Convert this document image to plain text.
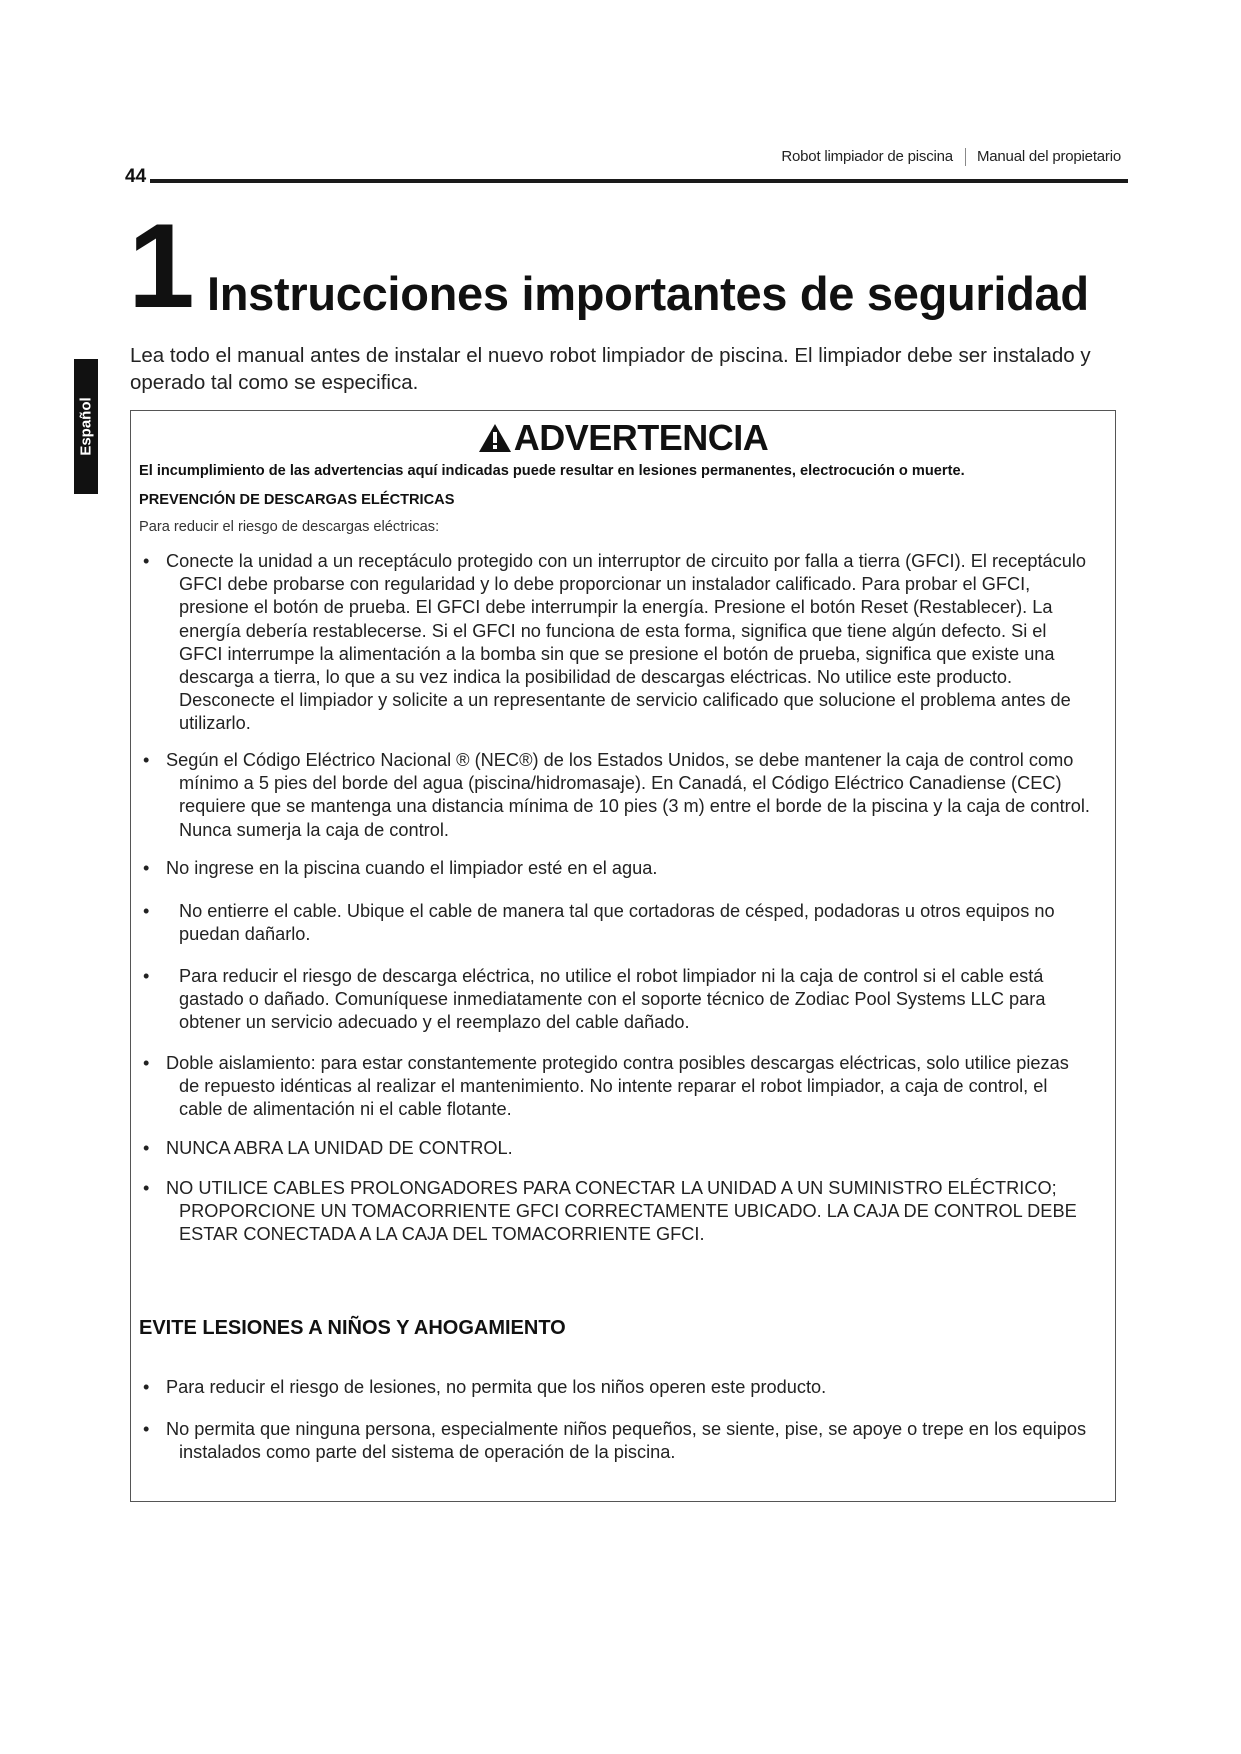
Robot limpiador de piscina Manual del propietario
44
1 Instrucciones importantes de seguridad
Español
Lea todo el manual antes de instalar el nuevo robot limpiador de piscina. El limpiador debe ser instalado y operado tal como se especifica.
ADVERTENCIA
El incumplimiento de las advertencias aquí indicadas puede resultar en lesiones permanentes, electrocución o muerte.
PREVENCIÓN DE DESCARGAS ELÉCTRICAS
Para reducir el riesgo de descargas eléctricas:
• Conecte la unidad a un receptáculo protegido con un interruptor de circuito por falla a tierra (GFCI). El receptáculo GFCI debe probarse con regularidad y lo debe proporcionar un instalador calificado. Para probar el GFCI, presione el botón de prueba. El GFCI debe interrumpir la energía. Presione el botón Reset (Restablecer). La energía debería restablecerse. Si el GFCI no funciona de esta forma, significa que tiene algún defecto. Si el GFCI interrumpe la alimentación a la bomba sin que se presione el botón de prueba, significa que existe una descarga a tierra, lo que a su vez indica la posibilidad de descargas eléctricas. No utilice este producto. Desconecte el limpiador y solicite a un representante de servicio calificado que solucione el problema antes de utilizarlo.
• Según el Código Eléctrico Nacional ® (NEC®) de los Estados Unidos, se debe mantener la caja de control como mínimo a 5 pies del borde del agua (piscina/hidromasaje). En Canadá, el Código Eléctrico Canadiense (CEC) requiere que se mantenga una distancia mínima de 10 pies (3 m) entre el borde de la piscina y la caja de control. Nunca sumerja la caja de control.
• No ingrese en la piscina cuando el limpiador esté en el agua.
•	No entierre el cable. Ubique el cable de manera tal que cortadoras de césped, podadoras u otros equipos no puedan dañarlo.
•	Para reducir el riesgo de descarga eléctrica, no utilice el robot limpiador ni la caja de control si el cable está gastado o dañado. Comuníquese inmediatamente con el soporte técnico de Zodiac Pool Systems LLC para obtener un servicio adecuado y el reemplazo del cable dañado.
• Doble aislamiento: para estar constantemente protegido contra posibles descargas eléctricas, solo utilice piezas de repuesto idénticas al realizar el mantenimiento. No intente reparar el robot limpiador, a caja de control, el cable de alimentación ni el cable flotante.
• NUNCA ABRA LA UNIDAD DE CONTROL.
• NO UTILICE CABLES PROLONGADORES PARA CONECTAR LA UNIDAD A UN SUMINISTRO ELÉCTRICO; PROPORCIONE UN TOMACORRIENTE GFCI CORRECTAMENTE UBICADO. LA CAJA DE CONTROL DEBE ESTAR CONECTADA A LA CAJA DEL TOMACORRIENTE GFCI.
EVITE LESIONES A NIÑOS Y AHOGAMIENTO
• Para reducir el riesgo de lesiones, no permita que los niños operen este producto.
• No permita que ninguna persona, especialmente niños pequeños, se siente, pise, se apoye o trepe en los equipos instalados como parte del sistema de operación de la piscina.
